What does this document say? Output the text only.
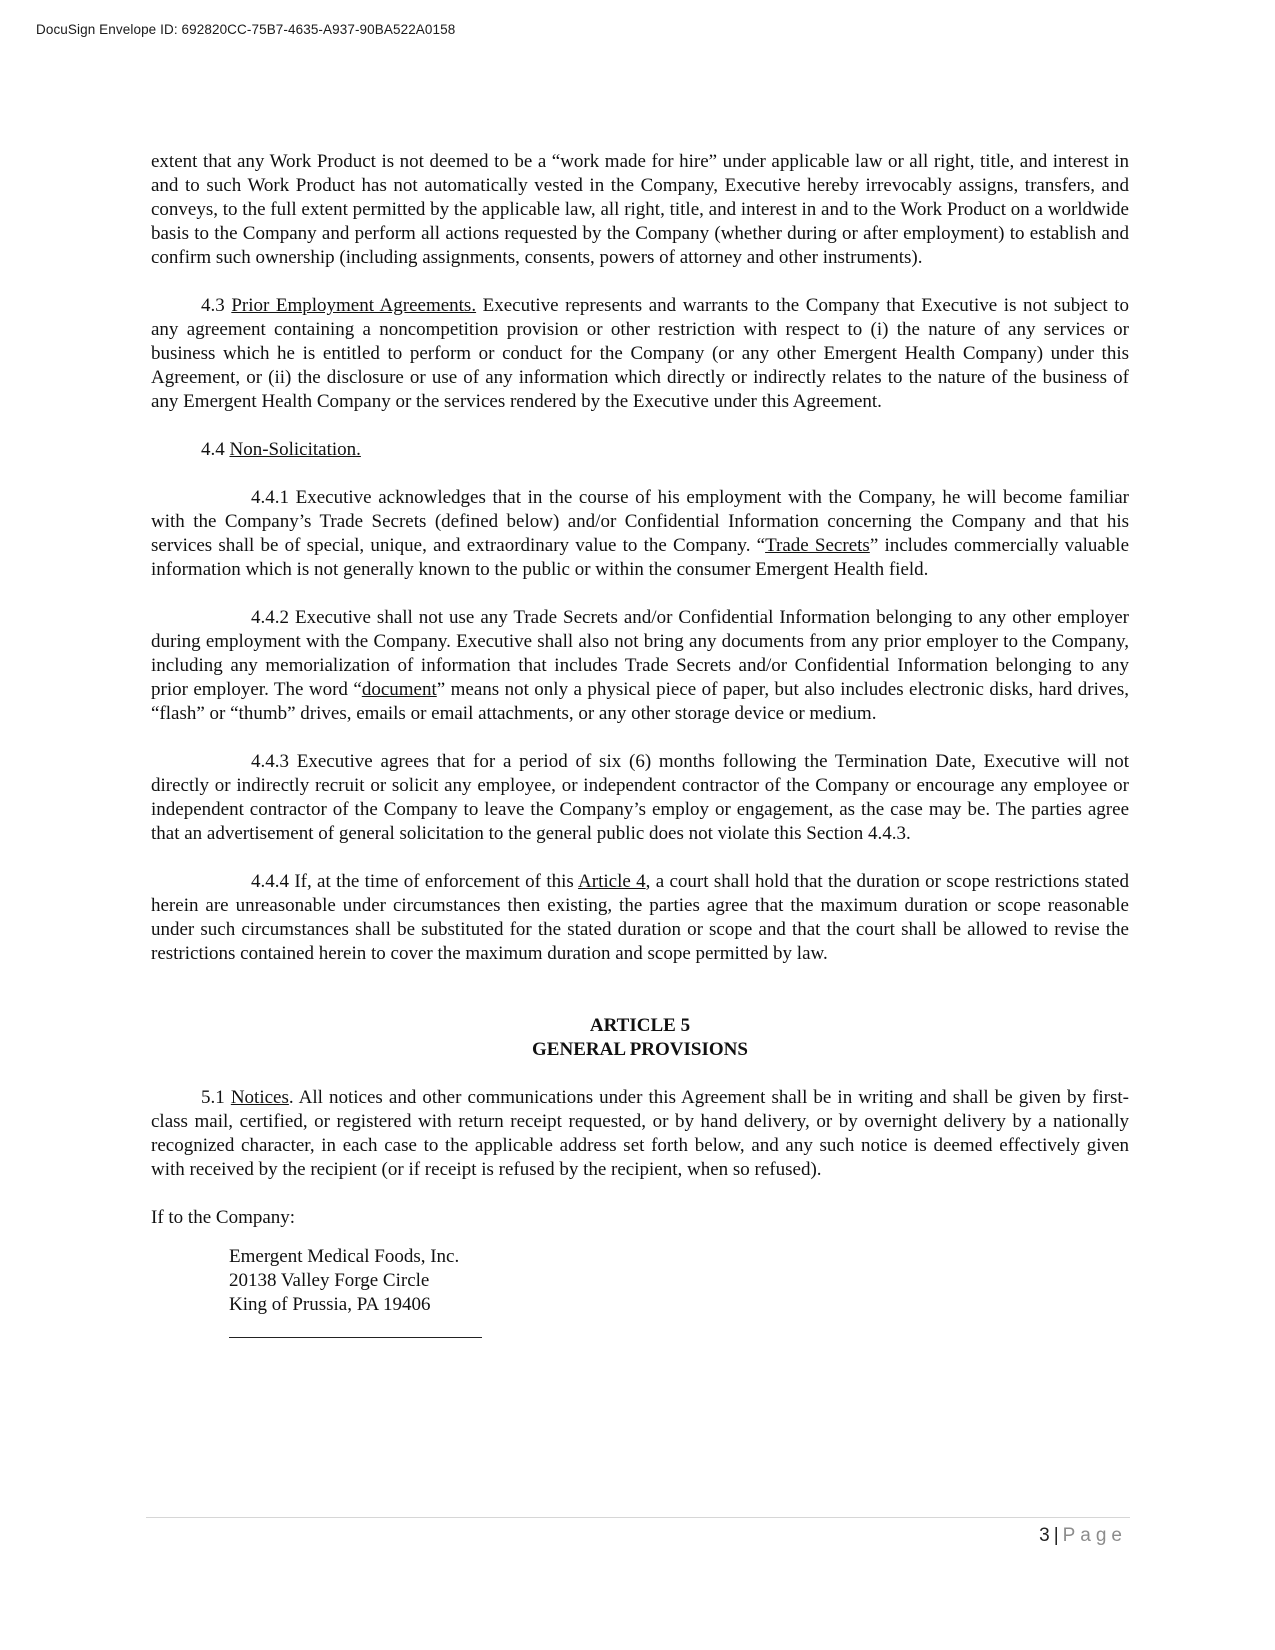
DocuSign Envelope ID: 692820CC-75B7-4635-A937-90BA522A0158

extent that any Work Product is not deemed to be a “work made for hire” under applicable law or all right, title, and interest in and to such Work Product has not automatically vested in the Company, Executive hereby irrevocably assigns, transfers, and conveys, to the full extent permitted by the applicable law, all right, title, and interest in and to the Work Product on a worldwide basis to the Company and perform all actions requested by the Company (whether during or after employment) to establish and confirm such ownership (including assignments, consents, powers of attorney and other instruments).

4.3 Prior Employment Agreements. Executive represents and warrants to the Company that Executive is not subject to any agreement containing a noncompetition provision or other restriction with respect to (i) the nature of any services or business which he is entitled to perform or conduct for the Company (or any other Emergent Health Company) under this Agreement, or (ii) the disclosure or use of any information which directly or indirectly relates to the nature of the business of any Emergent Health Company or the services rendered by the Executive under this Agreement.

4.4 Non-Solicitation.

4.4.1 Executive acknowledges that in the course of his employment with the Company, he will become familiar with the Company’s Trade Secrets (defined below) and/or Confidential Information concerning the Company and that his services shall be of special, unique, and extraordinary value to the Company. “Trade Secrets” includes commercially valuable information which is not generally known to the public or within the consumer Emergent Health field.

4.4.2 Executive shall not use any Trade Secrets and/or Confidential Information belonging to any other employer during employment with the Company. Executive shall also not bring any documents from any prior employer to the Company, including any memorialization of information that includes Trade Secrets and/or Confidential Information belonging to any prior employer. The word “document” means not only a physical piece of paper, but also includes electronic disks, hard drives, “flash” or “thumb” drives, emails or email attachments, or any other storage device or medium.

4.4.3 Executive agrees that for a period of six (6) months following the Termination Date, Executive will not directly or indirectly recruit or solicit any employee, or independent contractor of the Company or encourage any employee or independent contractor of the Company to leave the Company’s employ or engagement, as the case may be. The parties agree that an advertisement of general solicitation to the general public does not violate this Section 4.4.3.

4.4.4 If, at the time of enforcement of this Article 4, a court shall hold that the duration or scope restrictions stated herein are unreasonable under circumstances then existing, the parties agree that the maximum duration or scope reasonable under such circumstances shall be substituted for the stated duration or scope and that the court shall be allowed to revise the restrictions contained herein to cover the maximum duration and scope permitted by law.

ARTICLE 5
GENERAL PROVISIONS

5.1 Notices. All notices and other communications under this Agreement shall be in writing and shall be given by first-class mail, certified, or registered with return receipt requested, or by hand delivery, or by overnight delivery by a nationally recognized character, in each case to the applicable address set forth below, and any such notice is deemed effectively given with received by the recipient (or if receipt is refused by the recipient, when so refused).

If to the Company:
Emergent Medical Foods, Inc.
20138 Valley Forge Circle
King of Prussia, PA 19406
3 | Page
